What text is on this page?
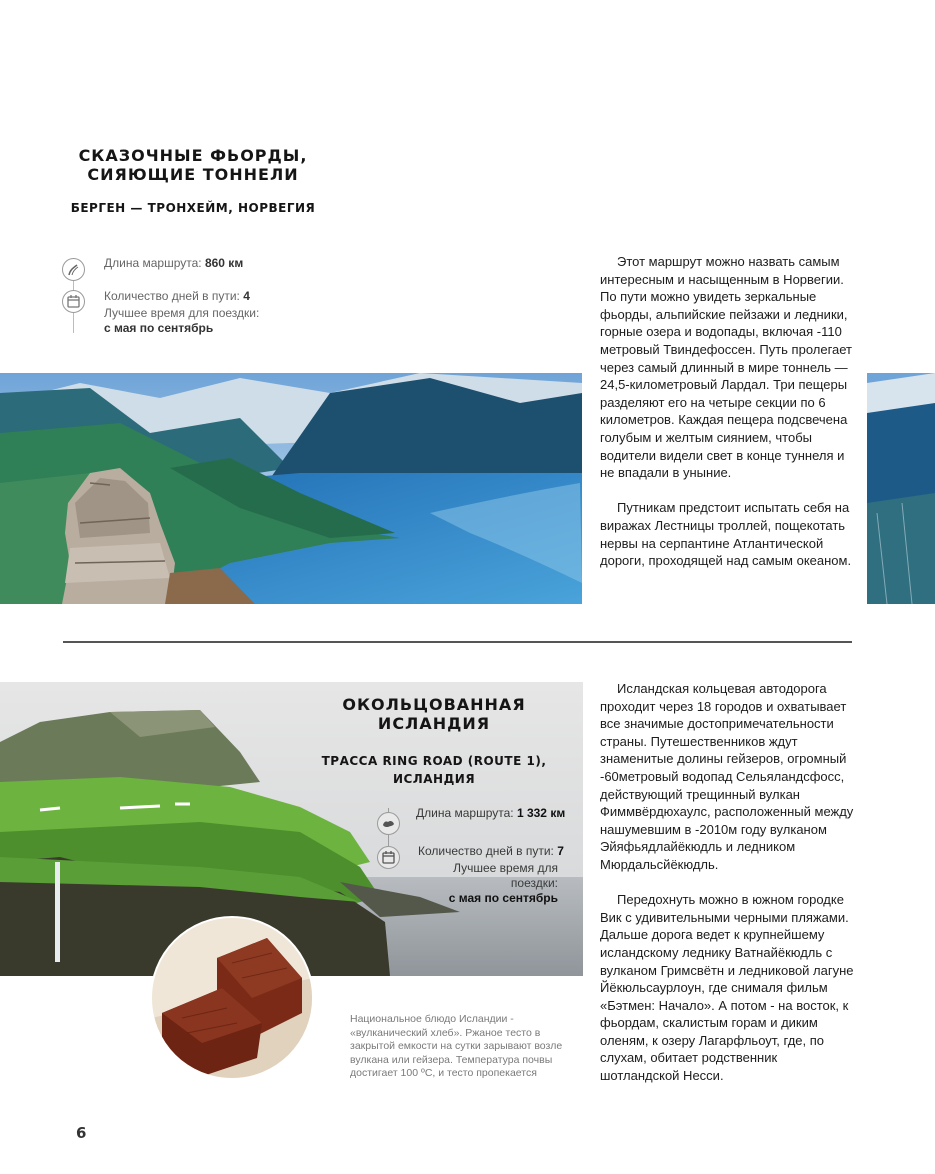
СКАЗОЧНЫЕ ФЬОРДЫ,
СИЯЮЩИЕ ТОННЕЛИ
БЕРГЕН — ТРОНХЕЙМ, НОРВЕГИЯ
Длина маршрута: 860 км
Количество дней в пути: 4
Лучшее время для поездки:
с мая по сентябрь

Этот маршрут можно назвать самым интересным и насыщенным в Норвегии. По пути можно увидеть зеркальные фьорды, альпийские пейзажи и ледники, горные озера и водопады, включая -110 метровый Твиндефоссен. Путь пролегает через самый длинный в мире тоннель — 24,5-километровый Лардал. Три пещеры разделяют его на четыре секции по 6 километров. Каждая пещера подсвечена голубым и желтым сиянием, чтобы водители видели свет в конце туннеля и не впадали в уныние.

Путникам предстоит испытать себя на виражах Лестницы троллей, пощекотать нервы на серпантине Атлантической дороги, проходящей над самым океаном.

ОКОЛЬЦОВАННАЯ
ИСЛАНДИЯ
ТРАССА RING ROAD (ROUTE 1),
ИСЛАНДИЯ
Длина маршрута: 1 332 км
Количество дней в пути: 7
Лучшее время для поездки:
с мая по сентябрь
Национальное блюдо Исландии -
«вулканический хлеб». Ржаное тесто в
закрытой емкости на сутки зарывают возле
вулкана или гейзера. Температура почвы
достигает 100 ºС, и тесто пропекается

Исландская кольцевая автодорога проходит через 18 городов и охватывает все значимые достопримечательности страны. Путешественников ждут знаменитые долины гейзеров, огромный -60метровый водопад Сельяландсфосс, действующий трещинный вулкан Фиммвёрдюхаулс, расположенный между нашумевшим в -2010м году вулканом Эйяфьядлайёкюдль и ледником Мюрдальсйёкюдль.

Передохнуть можно в южном городке Вик с удивительными черными пляжами. Дальше дорога ведет к крупнейшему исландскому леднику Ватнайёкюдль с вулканом Гримсвётн и ледниковой лагуне Йёкюльсаурлоун, где снималя фильм «Бэтмен: Начало». А потом - на восток, к фьордам, скалистым горам и диким оленям, к озеру Лагарфльоут, где, по слухам, обитает родственник шотландской Несси.

6
